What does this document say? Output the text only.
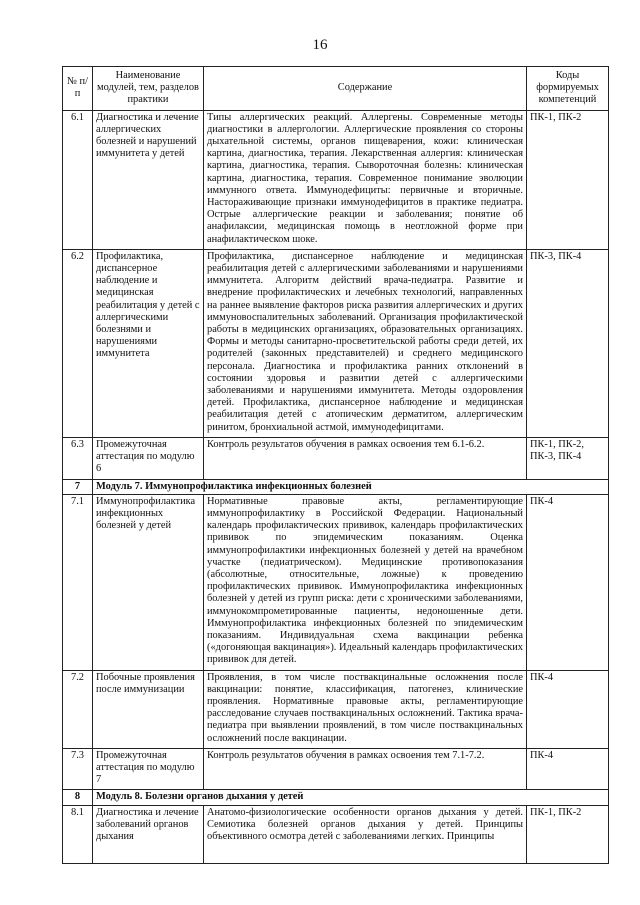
16
№ п/п	Наименование модулей, тем, разделов практики	Содержание	Коды формируемых компетенций
6.1	Диагностика и лечение аллергических болезней и нарушений иммунитета у детей	Типы аллергических реакций. Аллергены. Современные методы диагностики в аллергологии. Аллергические проявления со стороны дыхательной системы, органов пищеварения, кожи: клиническая картина, диагностика, терапия. Лекарственная аллергия: клиническая картина, диагностика, терапия. Сывороточная болезнь: клиническая картина, диагностика, терапия. Современное понимание эволюции иммунного ответа. Иммунодефициты: первичные и вторичные. Настораживающие признаки иммунодефицитов в практике педиатра. Острые аллергические реакции и заболевания; понятие об анафилаксии, медицинская помощь в неотложной форме при анафилактическом шоке.	ПК-1, ПК-2
6.2	Профилактика, диспансерное наблюдение и медицинская реабилитация у детей с аллергическими болезнями и нарушениями иммунитета	Профилактика, диспансерное наблюдение и медицинская реабилитация детей с аллергическими заболеваниями и нарушениями иммунитета. Алгоритм действий врача-педиатра. Развитие и внедрение профилактических и лечебных технологий, направленных на раннее выявление факторов риска развития аллергических и других иммуновоспалительных заболеваний. Организация профилактической работы в медицинских организациях, образовательных организациях. Формы и методы санитарно-просветительской работы среди детей, их родителей (законных представителей) и среднего медицинского персонала. Диагностика и профилактика ранних отклонений в состоянии здоровья и развитии детей с аллергическими заболеваниями и нарушениями иммунитета. Методы оздоровления детей. Профилактика, диспансерное наблюдение и медицинская реабилитация детей с атопическим дерматитом, аллергическим ринитом, бронхиальной астмой, иммунодефицитами.	ПК-3, ПК-4
6.3	Промежуточная аттестация по модулю 6	Контроль результатов обучения в рамках освоения тем 6.1-6.2.	ПК-1, ПК-2, ПК-3, ПК-4
7	Модуль 7. Иммунопрофилактика инфекционных болезней		
7.1	Иммунопрофилактика инфекционных болезней у детей	Нормативные правовые акты, регламентирующие иммунопрофилактику в Российской Федерации. Национальный календарь профилактических прививок, календарь профилактических прививок по эпидемическим показаниям. Оценка иммунопрофилактики инфекционных болезней у детей на врачебном участке (педиатрическом). Медицинские противопоказания (абсолютные, относительные, ложные) к проведению профилактических прививок. Иммунопрофилактика инфекционных болезней у детей из групп риска: дети с хроническими заболеваниями, иммунокомпрометированные пациенты, недоношенные дети. Иммунопрофилактика инфекционных болезней по эпидемическим показаниям. Индивидуальная схема вакцинации ребенка («догоняющая вакцинация»). Идеальный календарь профилактических прививок для детей.	ПК-4
7.2	Побочные проявления после иммунизации	Проявления, в том числе поствакцинальные осложнения после вакцинации: понятие, классификация, патогенез, клинические проявления. Нормативные правовые акты, регламентирующие расследование случаев поствакцинальных осложнений. Тактика врача-педиатра при выявлении проявлений, в том числе поствакцинальных осложнений после вакцинации.	ПК-4
7.3	Промежуточная аттестация по модулю 7	Контроль результатов обучения в рамках освоения тем 7.1-7.2.	ПК-4
8	Модуль 8. Болезни органов дыхания у детей		
8.1	Диагностика и лечение заболеваний органов дыхания	Анатомо-физиологические особенности органов дыхания у детей. Семиотика болезней органов дыхания у детей. Принципы объективного осмотра детей с заболеваниями легких. Принципы	ПК-1, ПК-2
